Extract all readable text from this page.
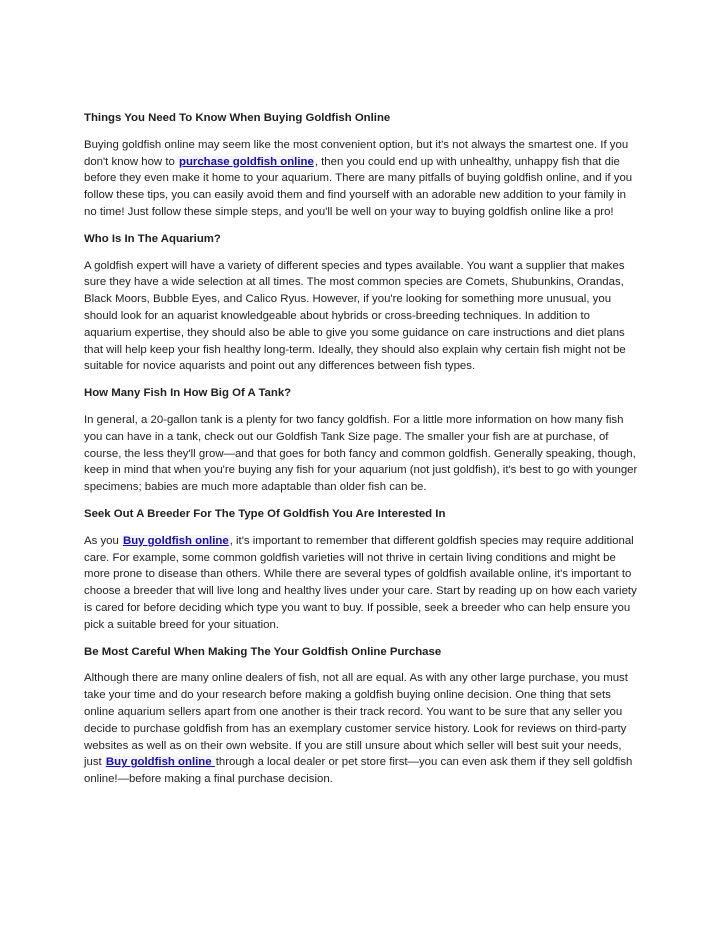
Things You Need To Know When Buying Goldfish Online

Buying goldfish online may seem like the most convenient option, but it's not always the smartest one. If you don't know how to purchase goldfish online, then you could end up with unhealthy, unhappy fish that die before they even make it home to your aquarium. There are many pitfalls of buying goldfish online, and if you follow these tips, you can easily avoid them and find yourself with an adorable new addition to your family in no time! Just follow these simple steps, and you'll be well on your way to buying goldfish online like a pro!

Who Is In The Aquarium?

A goldfish expert will have a variety of different species and types available. You want a supplier that makes sure they have a wide selection at all times. The most common species are Comets, Shubunkins, Orandas, Black Moors, Bubble Eyes, and Calico Ryus. However, if you're looking for something more unusual, you should look for an aquarist knowledgeable about hybrids or cross-breeding techniques. In addition to aquarium expertise, they should also be able to give you some guidance on care instructions and diet plans that will help keep your fish healthy long-term. Ideally, they should also explain why certain fish might not be suitable for novice aquarists and point out any differences between fish types.

How Many Fish In How Big Of A Tank?

In general, a 20-gallon tank is a plenty for two fancy goldfish. For a little more information on how many fish you can have in a tank, check out our Goldfish Tank Size page. The smaller your fish are at purchase, of course, the less they'll grow—and that goes for both fancy and common goldfish. Generally speaking, though, keep in mind that when you're buying any fish for your aquarium (not just goldfish), it's best to go with younger specimens; babies are much more adaptable than older fish can be.

Seek Out A Breeder For The Type Of Goldfish You Are Interested In

As you Buy goldfish online, it's important to remember that different goldfish species may require additional care. For example, some common goldfish varieties will not thrive in certain living conditions and might be more prone to disease than others. While there are several types of goldfish available online, it's important to choose a breeder that will live long and healthy lives under your care. Start by reading up on how each variety is cared for before deciding which type you want to buy. If possible, seek a breeder who can help ensure you pick a suitable breed for your situation.

Be Most Careful When Making The Your Goldfish Online Purchase

Although there are many online dealers of fish, not all are equal. As with any other large purchase, you must take your time and do your research before making a goldfish buying online decision. One thing that sets online aquarium sellers apart from one another is their track record. You want to be sure that any seller you decide to purchase goldfish from has an exemplary customer service history. Look for reviews on third-party websites as well as on their own website. If you are still unsure about which seller will best suit your needs, just Buy goldfish online through a local dealer or pet store first—you can even ask them if they sell goldfish online!—before making a final purchase decision.
